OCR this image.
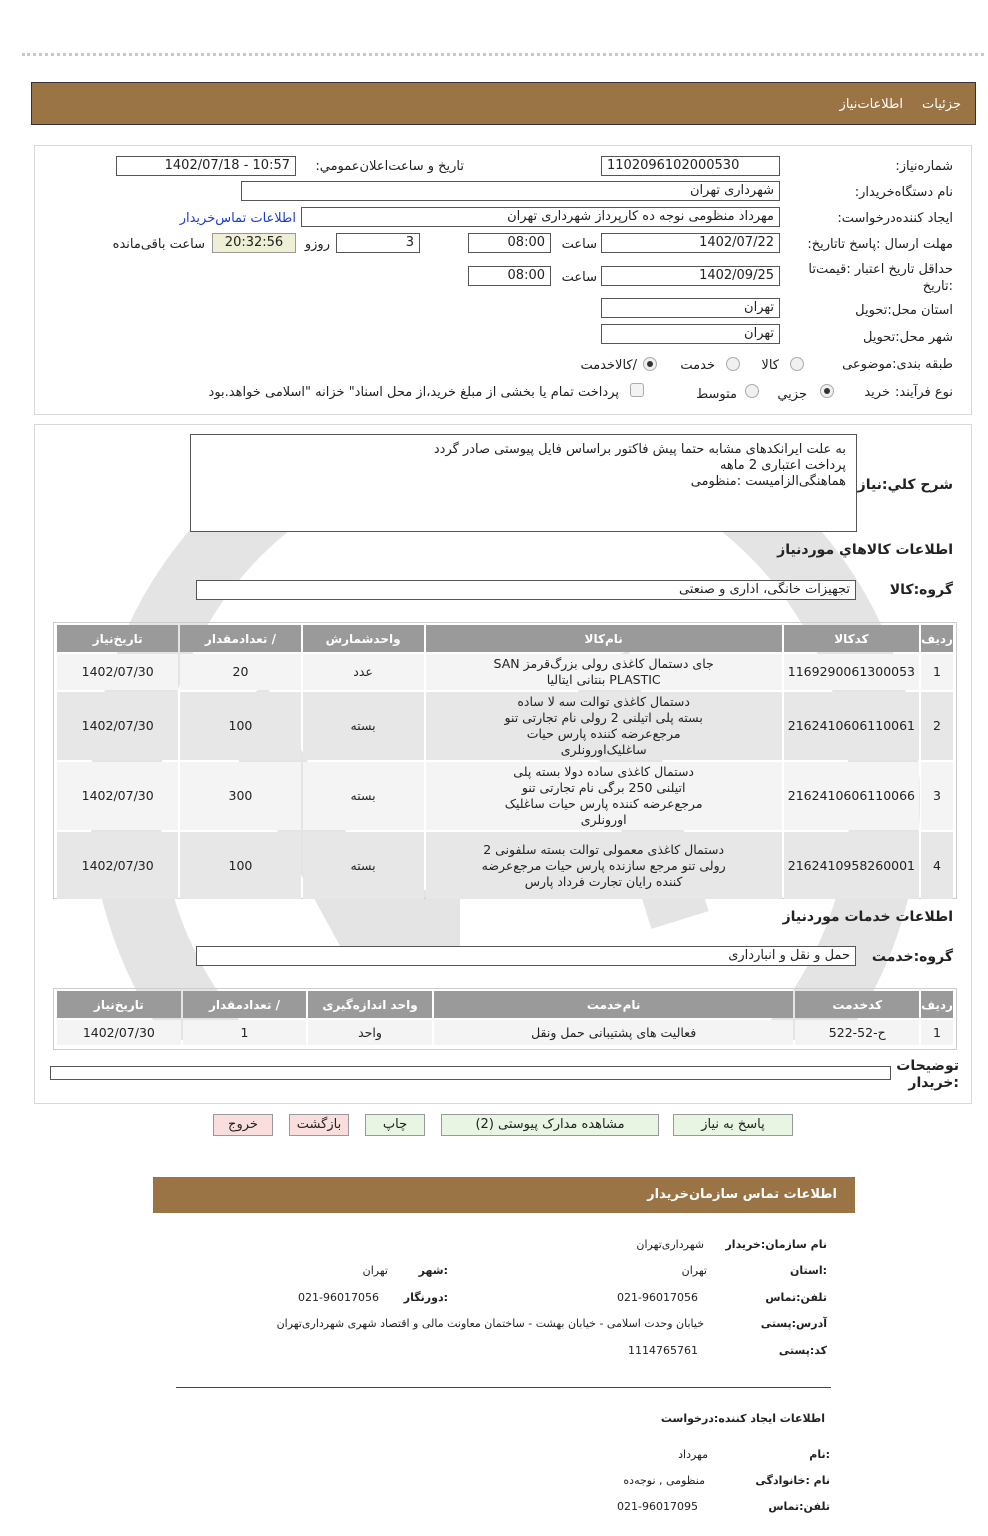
جزئیات
اطلاعات‌نیاز
شماره‌نیاز:
1102096102000530
تاریخ و ساعت‌اعلان‌عمومي:
1402/07/18 - 10:57
نام دستگاه‌خریدار:
شهرداری تهران
ایجاد کننده‌درخواست:
مهرداد منظومی نوجه ده کارپرداز شهرداری تهران
اطلاعات تماس‌خریدار
مهلت ارسال :پاسخ تا‌تاریخ:
1402/07/22
ساعت
08:00
3
روزو
20:32:56
ساعت باقی‌مانده
حداقل تاریخ اعتبار :قیمت‌تا
:تاریخ
1402/09/25
ساعت
08:00
استان محل:تحویل
تهران
شهر محل:تحویل
تهران
طبقه بندی:موضوعی
کالا
خدمت
/کالاخدمت
نوع فرآیند:
خرید
جزيي
متوسط
پرداخت تمام یا بخشی از مبلغ خرید،از محل اسناد" خزانه "اسلامی خواهد.بود
شرح کلي:نیاز
به علت ایرانکدهای مشابه حتما پیش فاکتور براساس فایل پیوستی صادر گردد
پرداخت اعتباری 2 ماهه
هماهنگی‌الزامیست :منظومی
اطلاعات کالاهاي موردنیاز
گروه:کالا
تجهیزات خانگی، اداری و صنعتی
ردیف	کدکالا	نام‌کالا	واحدشمارش	/ تعدادمقدار	تاریخ‌نیاز
1	1169290061300053	جای دستمال کاغذی رولی بزرگ‌قرمز SAN PLASTIC بنتانی ایتالیا	عدد	20	1402/07/30
2	2162410606110061	دستمال کاغذی توالت سه لا ساده بسته پلی اتیلنی 2 رولی نام تجارتی تنو مرجع‌عرضه کننده پارس حیات ساغلیک‌اورونلری	بسته	100	1402/07/30
3	2162410606110066	دستمال کاغذی ساده دولا بسته پلی اتیلنی 250 برگی نام تجارتی تنو مرجع‌عرضه کننده پارس حیات ساغلیک اورونلری	بسته	300	1402/07/30
4	2162410958260001	دستمال کاغذی معمولی توالت بسته سلفونی 2 رولی تنو مرجع سازنده پارس حیات مرجع‌عرضه کننده رایان تجارت فرداد پارس	بسته	100	1402/07/30
اطلاعات خدمات موردنیاز
گروه:خدمت
حمل و نقل و انبارداری
ردیف	کدخدمت	نام‌خدمت	واحد اندازه‌گیری	/ تعدادمقدار	تاریخ‌نیاز
1	ح-52-522	فعالیت های پشتیبانی حمل ونقل	واحد	1	1402/07/30
توضیحات
:خریدار
پاسخ به نیاز
مشاهده مدارک پیوستی (2)
چاپ
بازگشت
خروج
اطلاعات تماس سازمان‌خریدار
نام سازمان:خریدار
شهرداری‌تهران
:استان
تهران
:شهر
تهران
تلفن:تماس
021-96017056
:دورنگار
021-96017056
آدرس:پستی
خیابان وحدت اسلامی - خیابان بهشت - ساختمان معاونت مالی و اقتصاد شهری شهرداری‌تهران
کد:پستی
1114765761
اطلاعات ایجاد کننده:درخواست
:نام
مهرداد
نام :خانوادگی
منظومی , نوجه‌ده
تلفن:تماس
021-96017095
